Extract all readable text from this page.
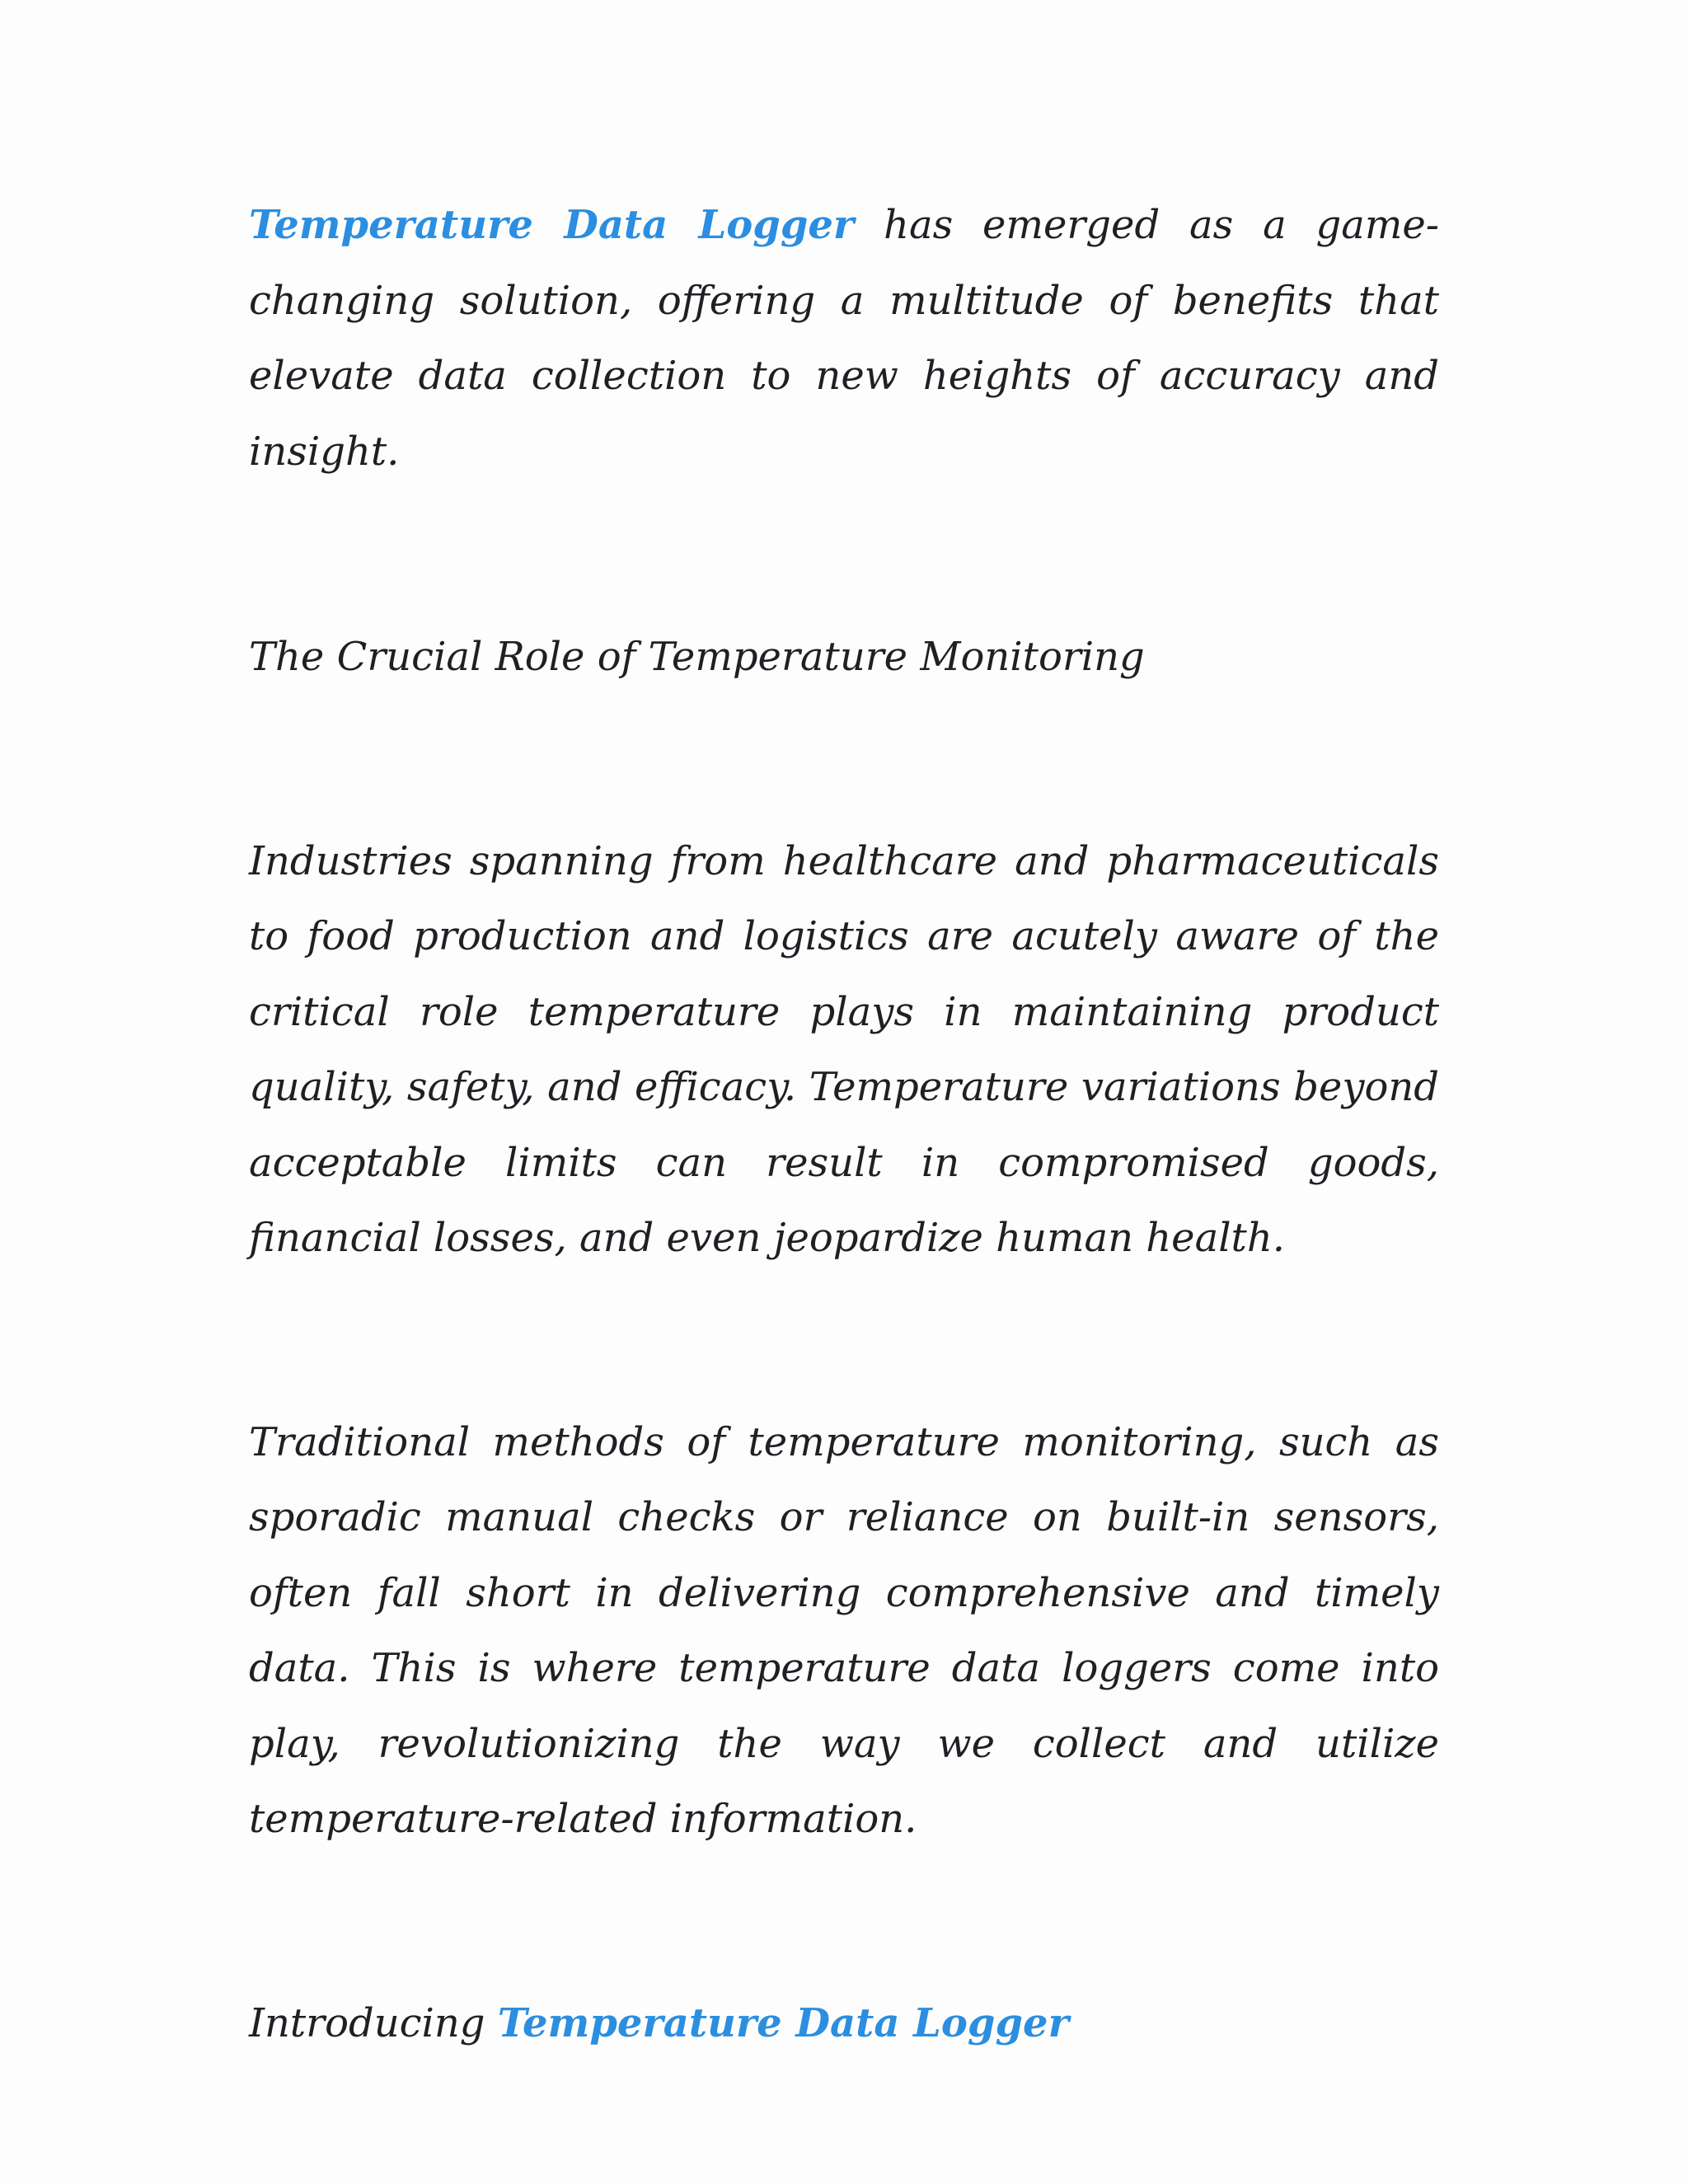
Temperature Data Logger has emerged as a game-changing solution, offering a multitude of benefits that elevate data collection to new heights of accuracy and insight.

The Crucial Role of Temperature Monitoring

Industries spanning from healthcare and pharmaceuticals to food production and logistics are acutely aware of the critical role temperature plays in maintaining product quality, safety, and efficacy. Temperature variations beyond acceptable limits can result in compromised goods, financial losses, and even jeopardize human health.

Traditional methods of temperature monitoring, such as sporadic manual checks or reliance on built-in sensors, often fall short in delivering comprehensive and timely data. This is where temperature data loggers come into play, revolutionizing the way we collect and utilize temperature-related information.

Introducing Temperature Data Logger
